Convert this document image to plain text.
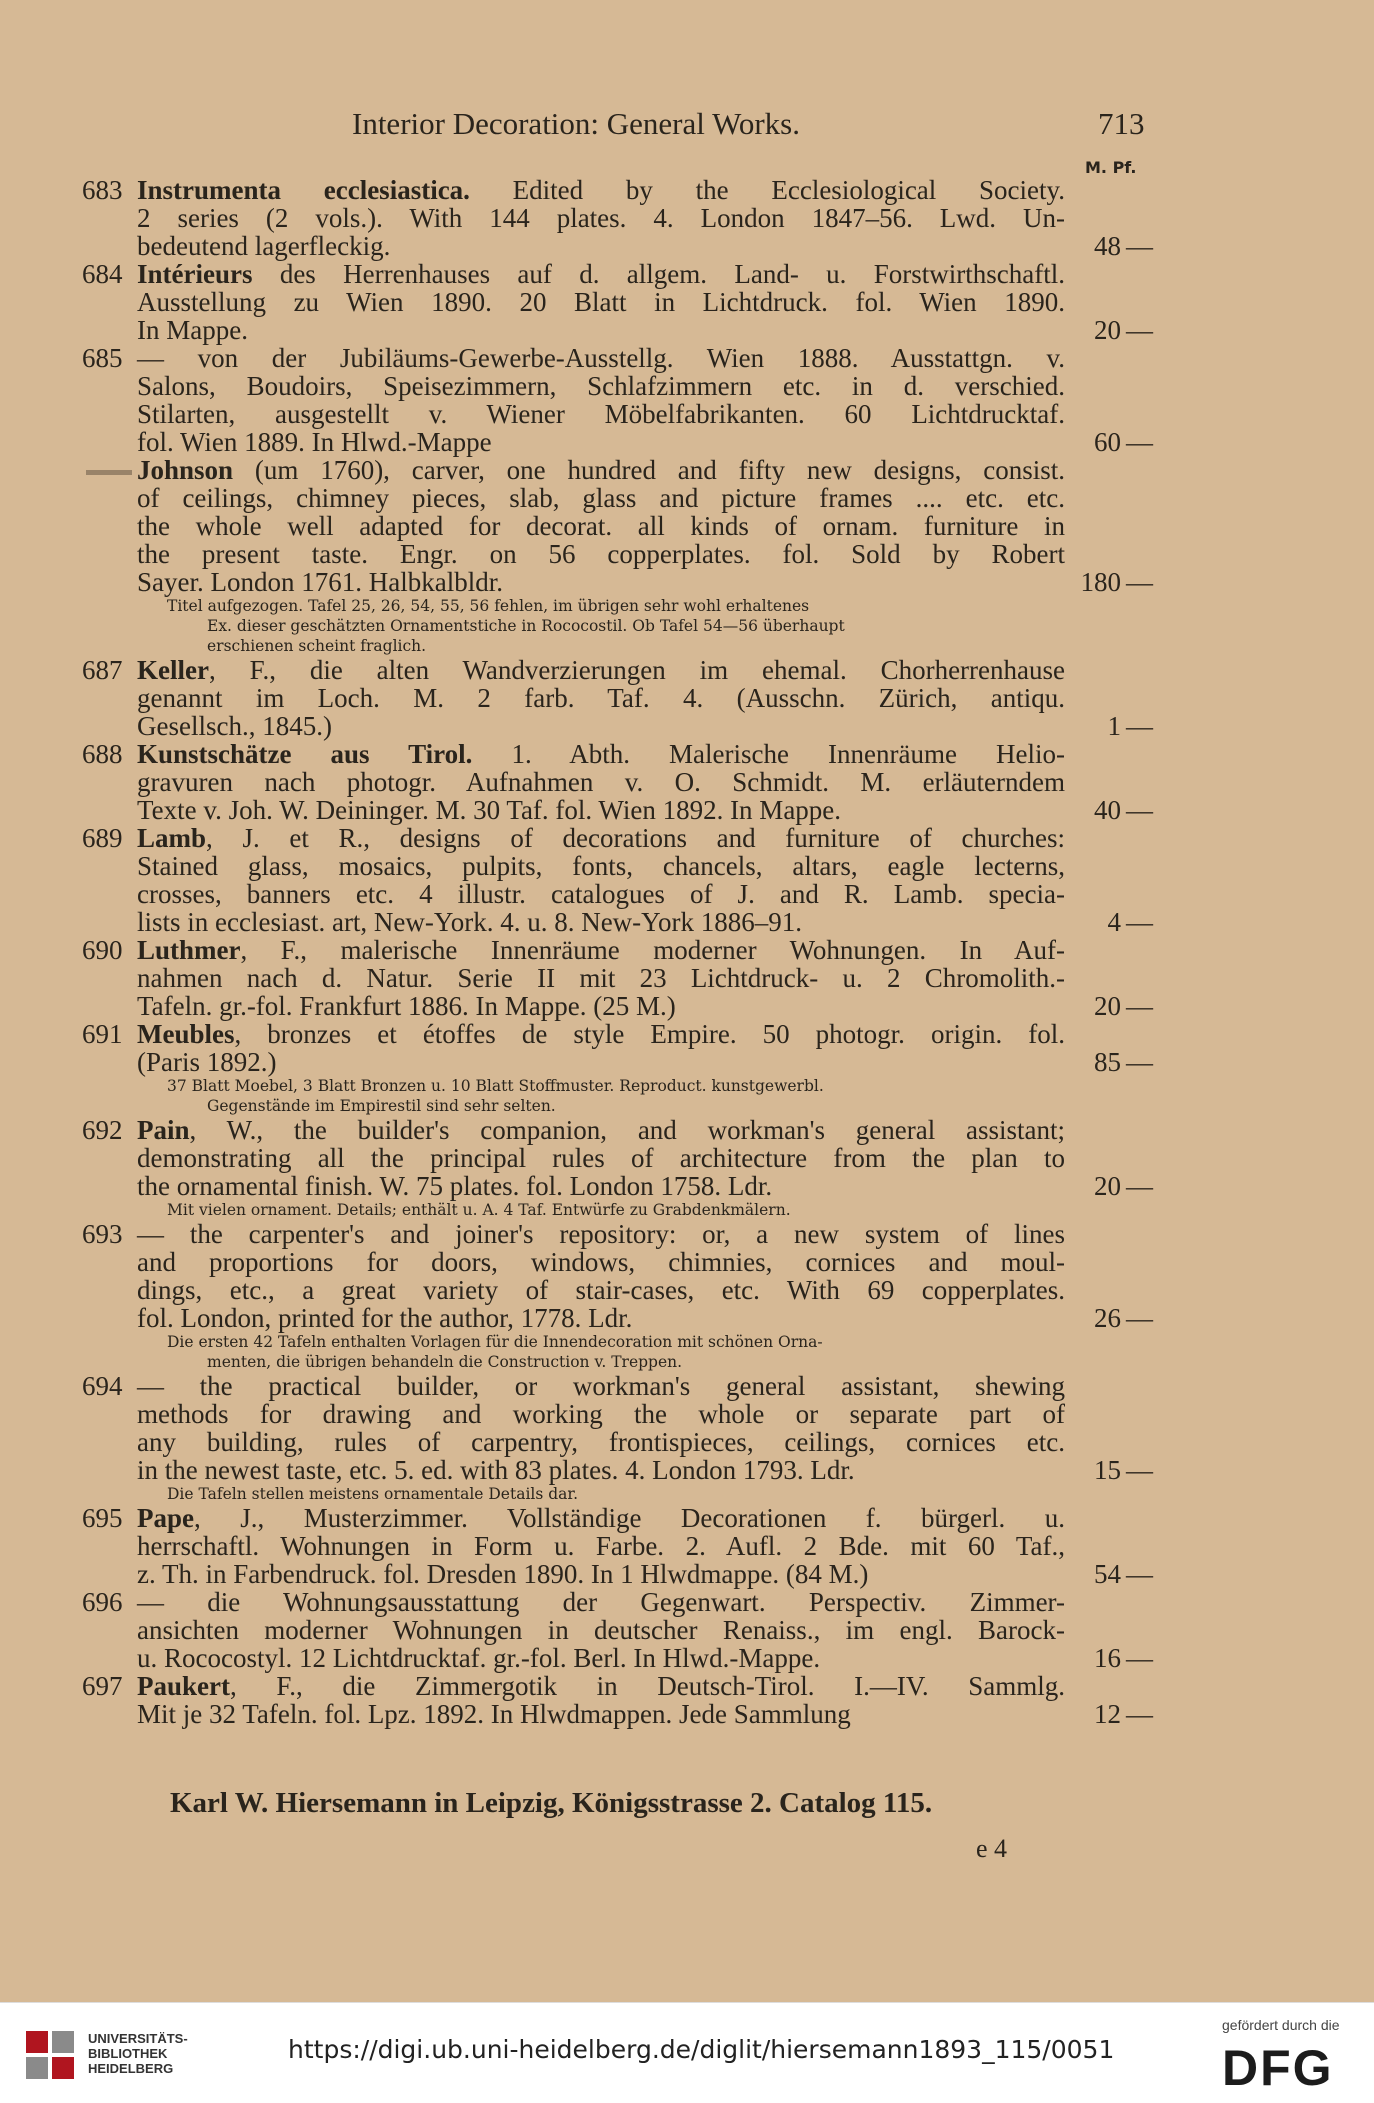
Interior Decoration: General Works.	713
M. Pf.
683 Instrumenta ecclesiastica. Edited by the Ecclesiological Society.
2 series (2 vols.). With 144 plates. 4. London 1847–56. Lwd. Un-
bedeutend lagerfleckig.	48 —
684 Intérieurs des Herrenhauses auf d. allgem. Land- u. Forstwirthschaftl.
Ausstellung zu Wien 1890. 20 Blatt in Lichtdruck. fol. Wien 1890.
In Mappe.	20 —
685 — von der Jubiläums-Gewerbe-Ausstellg. Wien 1888. Ausstattgn. v.
Salons, Boudoirs, Speisezimmern, Schlafzimmern etc. in d. verschied.
Stilarten, ausgestellt v. Wiener Möbelfabrikanten. 60 Lichtdrucktaf.
fol. Wien 1889. In Hlwd.-Mappe	60 —
Johnson (um 1760), carver, one hundred and fifty new designs, consist.
of ceilings, chimney pieces, slab, glass and picture frames .... etc. etc.
the whole well adapted for decorat. all kinds of ornam. furniture in
the present taste. Engr. on 56 copperplates. fol. Sold by Robert
Sayer. London 1761. Halbkalbldr.	180 —
Titel aufgezogen. Tafel 25, 26, 54, 55, 56 fehlen, im übrigen sehr wohl erhaltenes
Ex. dieser geschätzten Ornamentstiche in Rococostil. Ob Tafel 54—56 überhaupt
erschienen scheint fraglich.
687 Keller, F., die alten Wandverzierungen im ehemal. Chorherrenhause
genannt im Loch. M. 2 farb. Taf. 4. (Ausschn. Zürich, antiqu.
Gesellsch., 1845.)	1 —
688 Kunstschätze aus Tirol. 1. Abth. Malerische Innenräume Helio-
gravuren nach photogr. Aufnahmen v. O. Schmidt. M. erläuterndem
Texte v. Joh. W. Deininger. M. 30 Taf. fol. Wien 1892. In Mappe.	40 —
689 Lamb, J. et R., designs of decorations and furniture of churches:
Stained glass, mosaics, pulpits, fonts, chancels, altars, eagle lecterns,
crosses, banners etc. 4 illustr. catalogues of J. and R. Lamb. specia-
lists in ecclesiast. art, New-York. 4. u. 8. New-York 1886–91.	4 —
690 Luthmer, F., malerische Innenräume moderner Wohnungen. In Auf-
nahmen nach d. Natur. Serie II mit 23 Lichtdruck- u. 2 Chromolith.-
Tafeln. gr.-fol. Frankfurt 1886. In Mappe. (25 M.)	20 —
691 Meubles, bronzes et étoffes de style Empire. 50 photogr. origin. fol.
(Paris 1892.)	85 —
37 Blatt Moebel, 3 Blatt Bronzen u. 10 Blatt Stoffmuster. Reproduct. kunstgewerbl.
Gegenstände im Empirestil sind sehr selten.
692 Pain, W., the builder's companion, and workman's general assistant;
demonstrating all the principal rules of architecture from the plan to
the ornamental finish. W. 75 plates. fol. London 1758. Ldr.	20 —
Mit vielen ornament. Details; enthält u. A. 4 Taf. Entwürfe zu Grabdenkmälern.
693 — the carpenter's and joiner's repository: or, a new system of lines
and proportions for doors, windows, chimnies, cornices and moul-
dings, etc., a great variety of stair-cases, etc. With 69 copperplates.
fol. London, printed for the author, 1778. Ldr.	26 —
Die ersten 42 Tafeln enthalten Vorlagen für die Innendecoration mit schönen Orna-
menten, die übrigen behandeln die Construction v. Treppen.
694 — the practical builder, or workman's general assistant, shewing
methods for drawing and working the whole or separate part of
any building, rules of carpentry, frontispieces, ceilings, cornices etc.
in the newest taste, etc. 5. ed. with 83 plates. 4. London 1793. Ldr.	15 —
Die Tafeln stellen meistens ornamentale Details dar.
695 Pape, J., Musterzimmer. Vollständige Decorationen f. bürgerl. u.
herrschaftl. Wohnungen in Form u. Farbe. 2. Aufl. 2 Bde. mit 60 Taf.,
z. Th. in Farbendruck. fol. Dresden 1890. In 1 Hlwdmappe. (84 M.)	54 —
696 — die Wohnungsausstattung der Gegenwart. Perspectiv. Zimmer-
ansichten moderner Wohnungen in deutscher Renaiss., im engl. Barock-
u. Rococostyl. 12 Lichtdrucktaf. gr.-fol. Berl. In Hlwd.-Mappe.	16 —
697 Paukert, F., die Zimmergotik in Deutsch-Tirol. I.—IV. Sammlg.
Mit je 32 Tafeln. fol. Lpz. 1892. In Hlwdmappen. Jede Sammlung	12 —
Karl W. Hiersemann in Leipzig, Königsstrasse 2. Catalog 115.
e 4
UNIVERSITÄTS-
BIBLIOTHEK
HEIDELBERG
https://digi.ub.uni-heidelberg.de/diglit/hiersemann1893_115/0051
gefördert durch die
DFG
